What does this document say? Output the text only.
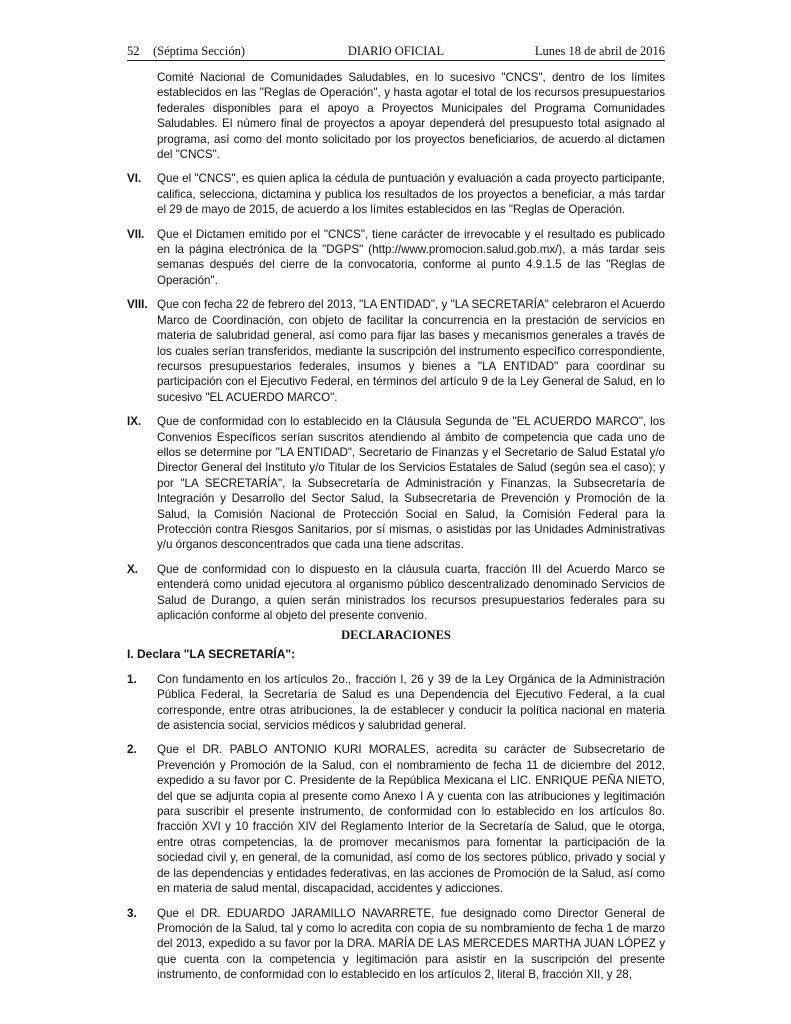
52 (Séptima Sección)	DIARIO OFICIAL	Lunes 18 de abril de 2016

Comité Nacional de Comunidades Saludables, en lo sucesivo "CNCS", dentro de los límites establecidos en las "Reglas de Operación", y hasta agotar el total de los recursos presupuestarios federales disponibles para el apoyo a Proyectos Municipales del Programa Comunidades Saludables. El número final de proyectos a apoyar dependerá del presupuesto total asignado al programa, así como del monto solicitado por los proyectos beneficiarios, de acuerdo al dictamen del "CNCS".

VI. Que el "CNCS", es quien aplica la cédula de puntuación y evaluación a cada proyecto participante, califica, selecciona, dictamina y publica los resultados de los proyectos a beneficiar, a más tardar el 29 de mayo de 2015, de acuerdo a los límites establecidos en las "Reglas de Operación.
VII. Que el Dictamen emitido por el "CNCS", tiene carácter de irrevocable y el resultado es publicado en la página electrónica de la "DGPS" (http://www.promocion.salud.gob.mx/), a más tardar seis semanas después del cierre de la convocatoria, conforme al punto 4.9.1.5 de las "Reglas de Operación".
VIII. Que con fecha 22 de febrero del 2013, "LA ENTIDAD", y "LA SECRETARÍA" celebraron el Acuerdo Marco de Coordinación, con objeto de facilitar la concurrencia en la prestación de servicios en materia de salubridad general, así como para fijar las bases y mecanismos generales a través de los cuales serían transferidos, mediante la suscripción del instrumento específico correspondiente, recursos presupuestarios federales, insumos y bienes a "LA ENTIDAD" para coordinar su participación con el Ejecutivo Federal, en términos del artículo 9 de la Ley General de Salud, en lo sucesivo "EL ACUERDO MARCO".
IX. Que de conformidad con lo establecido en la Cláusula Segunda de "EL ACUERDO MARCO", los Convenios Específicos serían suscritos atendiendo al ámbito de competencia que cada uno de ellos se determine por "LA ENTIDAD", Secretario de Finanzas y el Secretario de Salud Estatal y/o Director General del Instituto y/o Titular de los Servicios Estatales de Salud (según sea el caso); y por "LA SECRETARÍA", la Subsecretaría de Administración y Finanzas, la Subsecretaría de Integración y Desarrollo del Sector Salud, la Subsecretaría de Prevención y Promoción de la Salud, la Comisión Nacional de Protección Social en Salud, la Comisión Federal para la Protección contra Riesgos Sanitarios, por sí mismas, o asistidas por las Unidades Administrativas y/u órganos desconcentrados que cada una tiene adscritas.
X. Que de conformidad con lo dispuesto en la cláusula cuarta, fracción III del Acuerdo Marco se entenderá como unidad ejecutora al organismo público descentralizado denominado Servicios de Salud de Durango, a quien serán ministrados los recursos presupuestarios federales para su aplicación conforme al objeto del presente convenio.
DECLARACIONES
I. Declara "LA SECRETARÍA":
1. Con fundamento en los artículos 2o., fracción I, 26 y 39 de la Ley Orgánica de la Administración Pública Federal, la Secretaría de Salud es una Dependencia del Ejecutivo Federal, a la cual corresponde, entre otras atribuciones, la de establecer y conducir la política nacional en materia de asistencia social, servicios médicos y salubridad general.
2. Que el DR. PABLO ANTONIO KURI MORALES, acredita su carácter de Subsecretario de Prevención y Promoción de la Salud, con el nombramiento de fecha 11 de diciembre del 2012, expedido a su favor por C. Presidente de la República Mexicana el LIC. ENRIQUE PEÑA NIETO, del que se adjunta copia al presente como Anexo I A y cuenta con las atribuciones y legitimación para suscribir el presente instrumento, de conformidad con lo establecido en los artículos 8o. fracción XVI y 10 fracción XIV del Reglamento Interior de la Secretaría de Salud, que le otorga, entre otras competencias, la de promover mecanismos para fomentar la participación de la sociedad civil y, en general, de la comunidad, así como de los sectores público, privado y social y de las dependencias y entidades federativas, en las acciones de Promoción de la Salud, así como en materia de salud mental, discapacidad, accidentes y adicciones.
3. Que el DR. EDUARDO JARAMILLO NAVARRETE, fue designado como Director General de Promoción de la Salud, tal y como lo acredita con copia de su nombramiento de fecha 1 de marzo del 2013, expedido a su favor por la DRA. MARÍA DE LAS MERCEDES MARTHA JUAN LÓPEZ y que cuenta con la competencia y legitimación para asistir en la suscripción del presente instrumento, de conformidad con lo establecido en los artículos 2, literal B, fracción XII, y 28,
